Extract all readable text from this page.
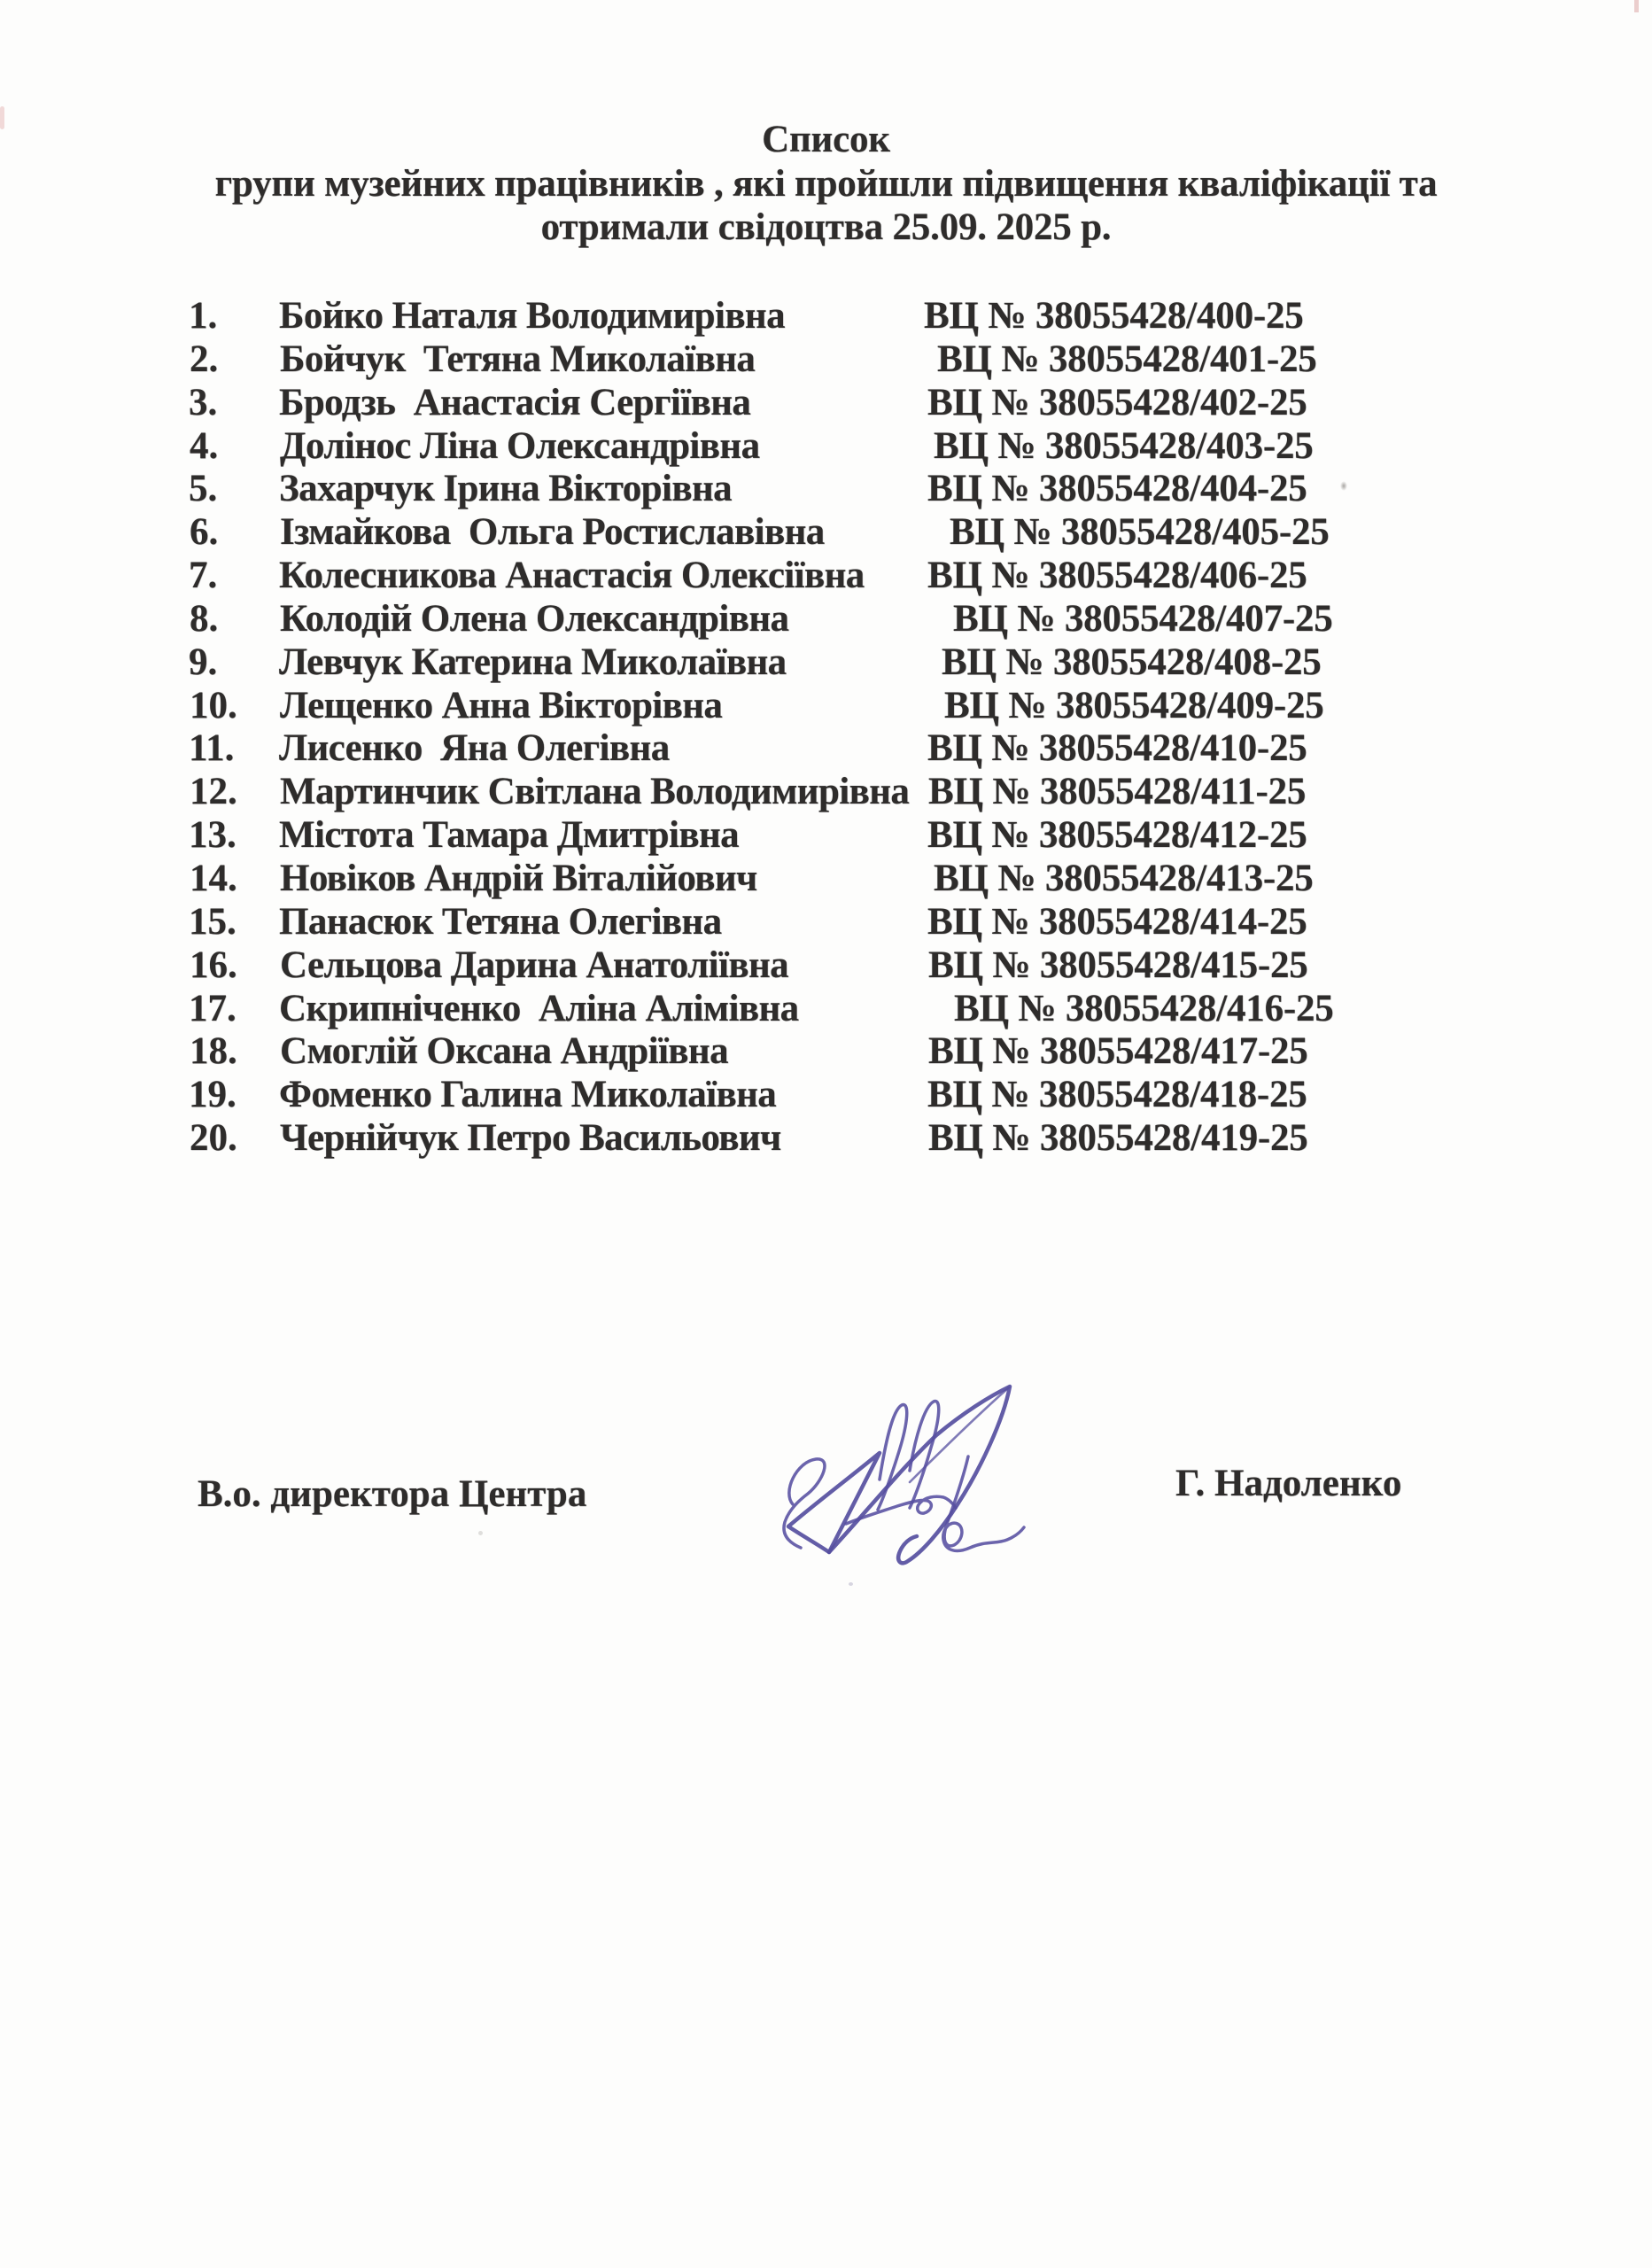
Список
групи музейних працівників , які пройшли підвищення кваліфікації та
отримали свідоцтва 25.09. 2025 р.
1.	Бойко Наталя Володимирівна	ВЦ № 38055428/400-25
2.	Бойчук  Тетяна Миколаївна	ВЦ № 38055428/401-25
3.	Бродзь  Анастасія Сергіївна	ВЦ № 38055428/402-25
4.	Долінос Ліна Олександрівна	ВЦ № 38055428/403-25
5.	Захарчук Ірина Вікторівна	ВЦ № 38055428/404-25
6.	Ізмайкова  Ольга Ростиславівна	ВЦ № 38055428/405-25
7.	Колесникова Анастасія Олексіївна	ВЦ № 38055428/406-25
8.	Колодій Олена Олександрівна	ВЦ № 38055428/407-25
9.	Левчук Катерина Миколаївна	ВЦ № 38055428/408-25
10.	Лещенко Анна Вікторівна	ВЦ № 38055428/409-25
11.	Лисенко  Яна Олегівна	ВЦ № 38055428/410-25
12.	Мартинчик Світлана Володимирівна ВЦ № 38055428/411-25
13.	Містота Тамара Дмитрівна	ВЦ № 38055428/412-25
14.	Новіков Андрій Віталійович	ВЦ № 38055428/413-25
15.	Панасюк Тетяна Олегівна	ВЦ № 38055428/414-25
16.	Сельцова Дарина Анатоліївна	ВЦ № 38055428/415-25
17.	Скрипніченко  Аліна Алімівна	ВЦ № 38055428/416-25
18.	Смоглій Оксана Андріївна	ВЦ № 38055428/417-25
19.	Фоменко Галина Миколаївна	ВЦ № 38055428/418-25
20.	Чернійчук Петро Васильович	ВЦ № 38055428/419-25
В.о. директора Центра	Г. Надоленко
